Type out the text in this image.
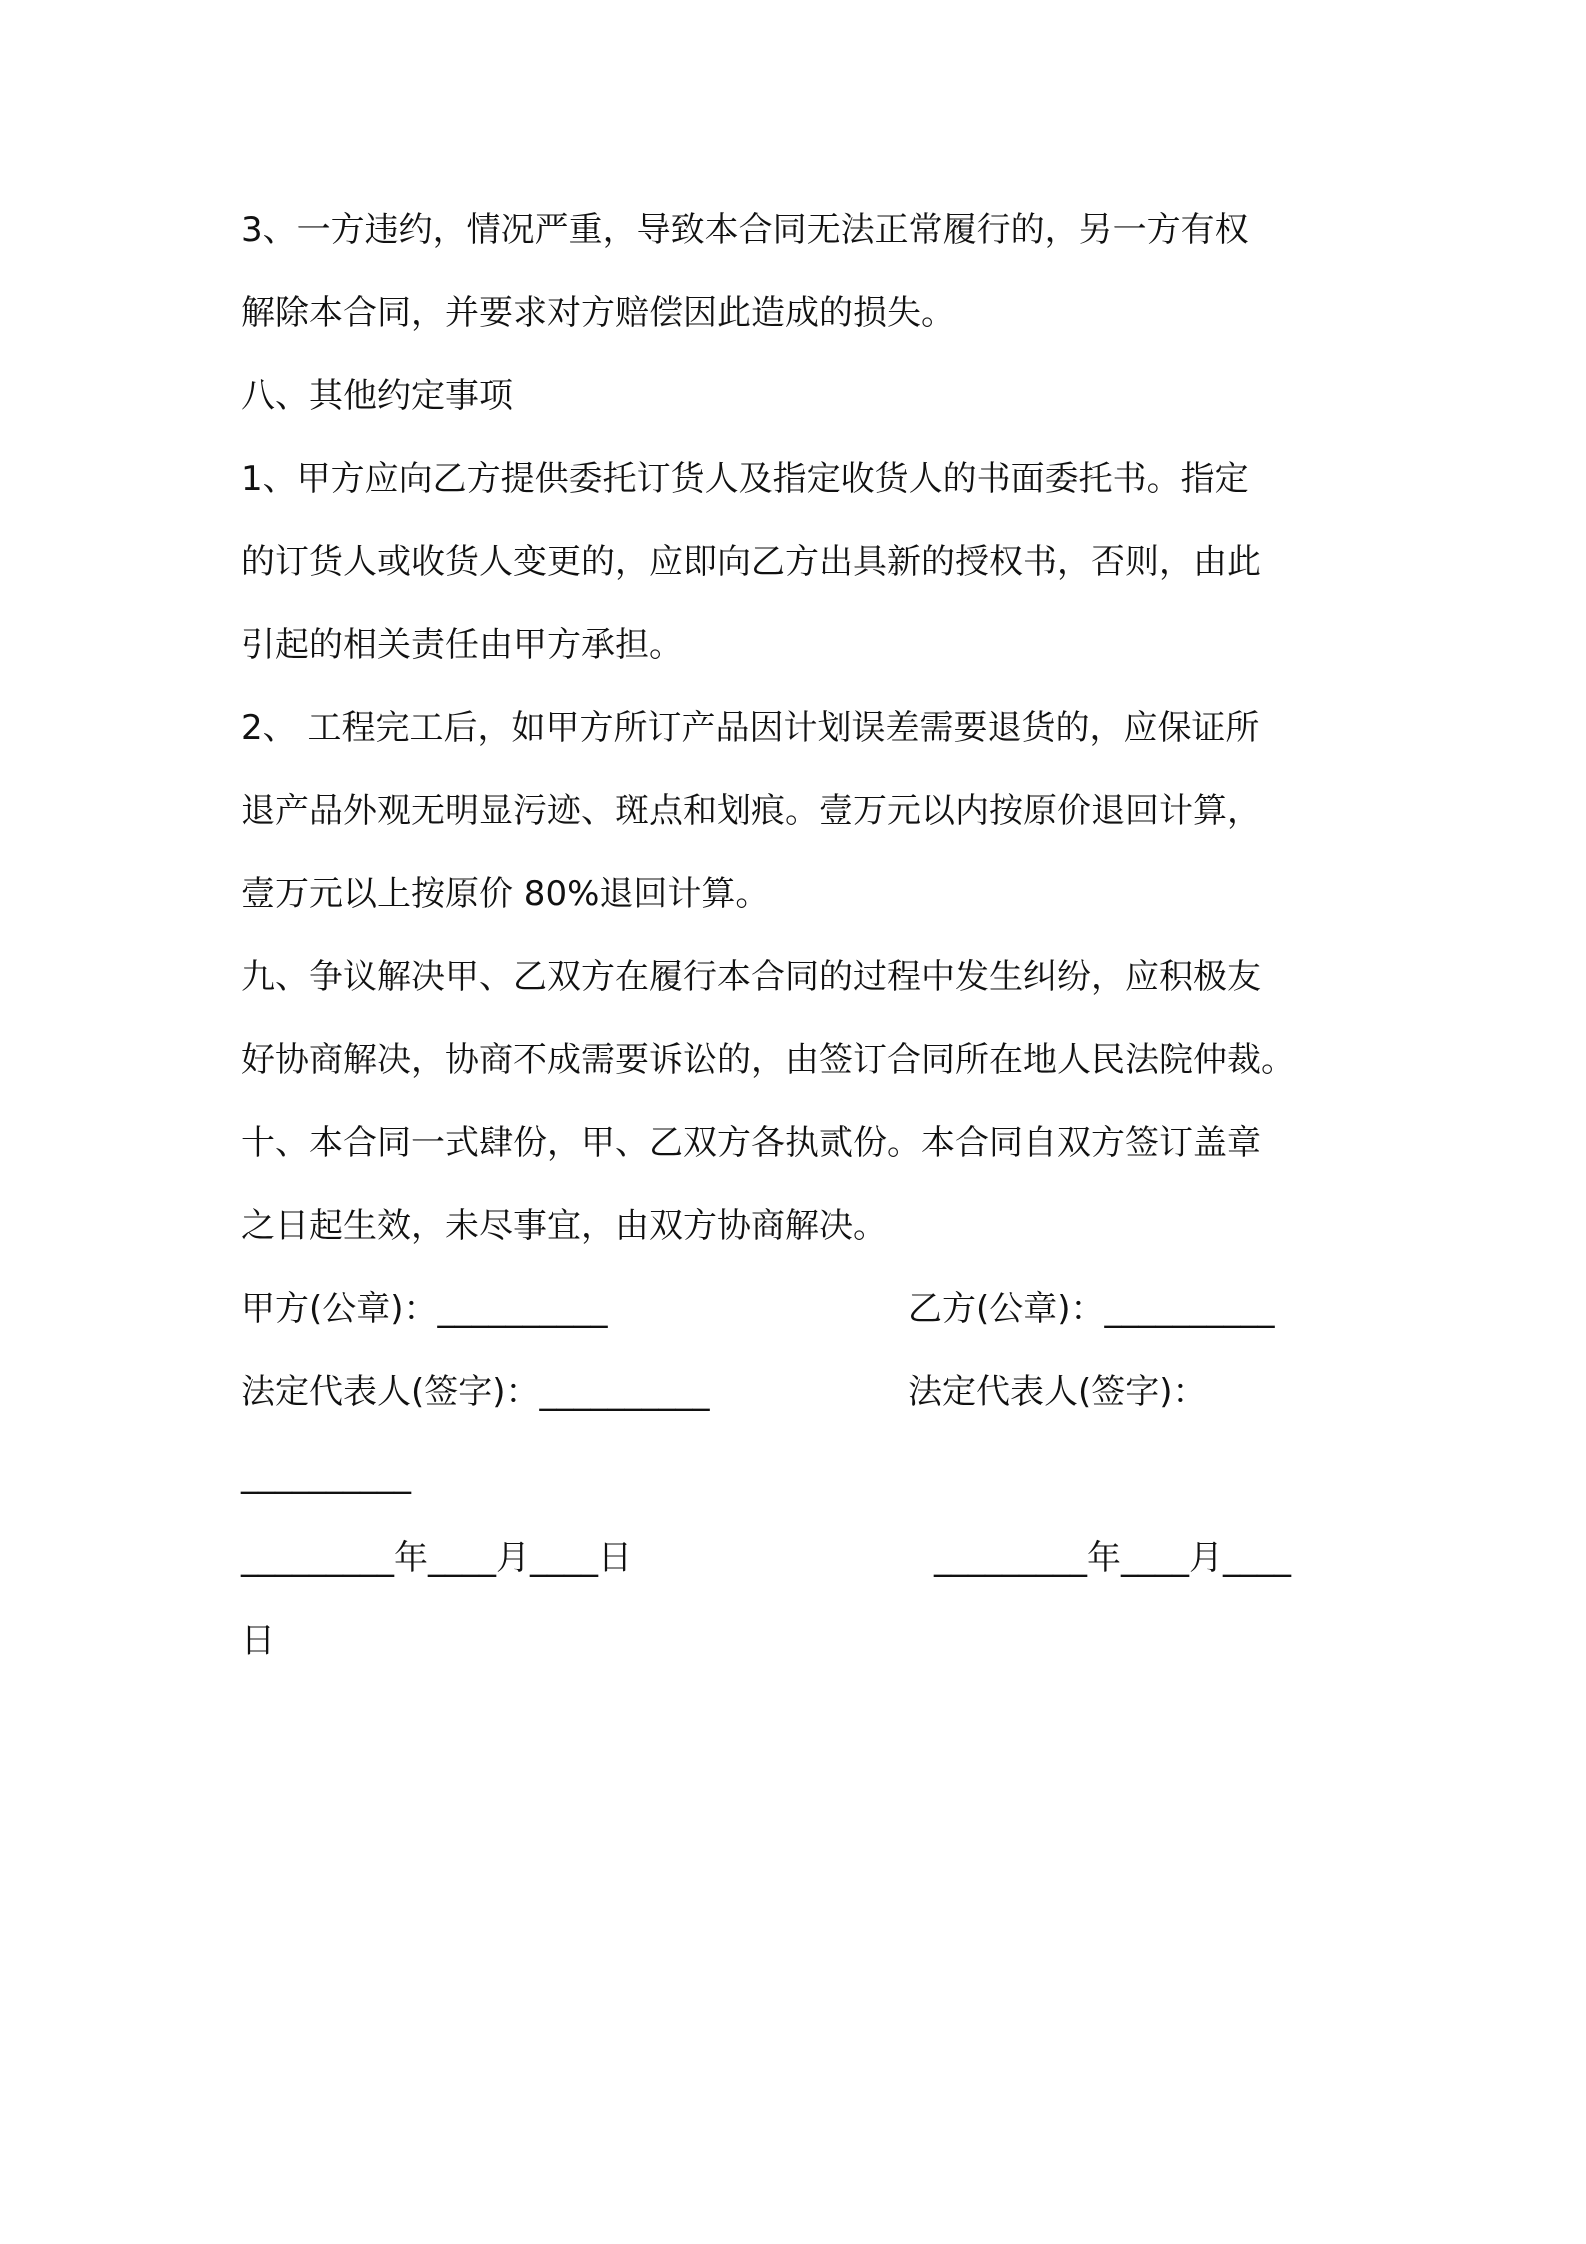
3、一方违约，情况严重，导致本合同无法正常履行的，另一方有权
解除本合同，并要求对方赔偿因此造成的损失。
八、其他约定事项
1、甲方应向乙方提供委托订货人及指定收货人的书面委托书。指定
的订货人或收货人变更的，应即向乙方出具新的授权书，否则，由此
引起的相关责任由甲方承担。
2、 工程完工后，如甲方所订产品因计划误差需要退货的，应保证所
退产品外观无明显污迹、斑点和划痕。壹万元以内按原价退回计算，
壹万元以上按原价 80%退回计算。
九、争议解决甲、乙双方在履行本合同的过程中发生纠纷，应积极友
好协商解决，协商不成需要诉讼的，由签订合同所在地人民法院仲裁。
十、本合同一式肆份，甲、乙双方各执贰份。本合同自双方签订盖章
之日起生效，未尽事宜，由双方协商解决。
甲方(公章)：__________	乙方(公章)：__________
法定代表人(签字)：__________	法定代表人(签字)：
__________
_________年____月____日	_________年____月____
日
